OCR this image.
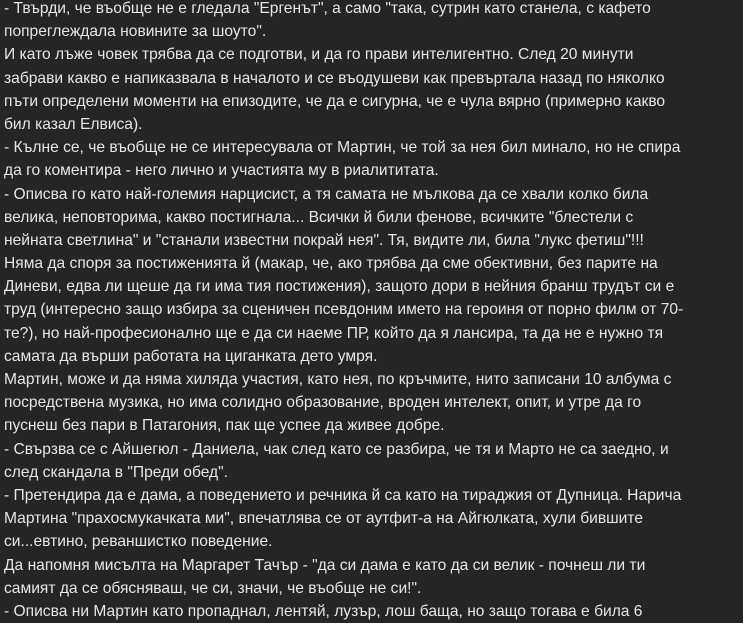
- Твърди, че въобще не е гледала "Ергенът", а само "така, сутрин като станела, с кафето
попреглеждала новините за шоуто".
И като лъже човек трябва да се подготви, и да го прави интелигентно. След 20 минути
забрави какво е напиказвала в началото и се въодушеви как превъртала назад по няколко
пъти определени моменти на епизодите, че да е сигурна, че е чула вярно (примерно какво
бил казал Елвиса).
- Кълне се, че въобще не се интересувала от Мартин, че той за нея бил минало, но не спира
да го коментира - него лично и участията му в риалититата.
- Описва го като най-големия нарцисист, а тя самата не мълкова да се хвали колко била
велика, неповторима, какво постигнала... Всички й били фенове, всичките "блестели с
нейната светлина" и "станали известни покрай нея". Тя, видите ли, била "лукс фетиш"!!!
Няма да споря за постиженията й (макар, че, ако трябва да сме обективни, без парите на
Диневи, едва ли щеше да ги има тия постижения), защото дори в нейния бранш трудът си е
труд (интересно защо избира за сценичен псевдоним името на героиня от порно филм от 70-
те?), но най-професионално ще е да си наеме ПР, който да я лансира, та да не е нужно тя
самата да върши работата на циганката дето умря.
Мартин, може и да няма хиляда участия, като нея, по кръчмите, нито записани 10 албума с
посредствена музика, но има солидно образование, вроден интелект, опит, и утре да го
пуснеш без пари в Патагония, пак ще успее да живее добре.
- Свързва се с Айшегюл - Даниела, чак след като се разбира, че тя и Марто не са заедно, и
след скандала в "Преди обед".
- Претендира да е дама, а поведението и речника й са като на тираджия от Дупница. Нарича
Мартина "прахосмукачката ми", впечатлява се от аутфит-а на Айгюлката, хули бившите
си...евтино, реваншистко поведение.
Да напомня мисълта на Маргарет Тачър - "да си дама е като да си велик - почнеш ли ти
самият да се обясняваш, че си, значи, че въобще не си!".
- Описва ни Мартин като пропаднал, лентяй, лузър, лош баща, но защо тогава е била 6
